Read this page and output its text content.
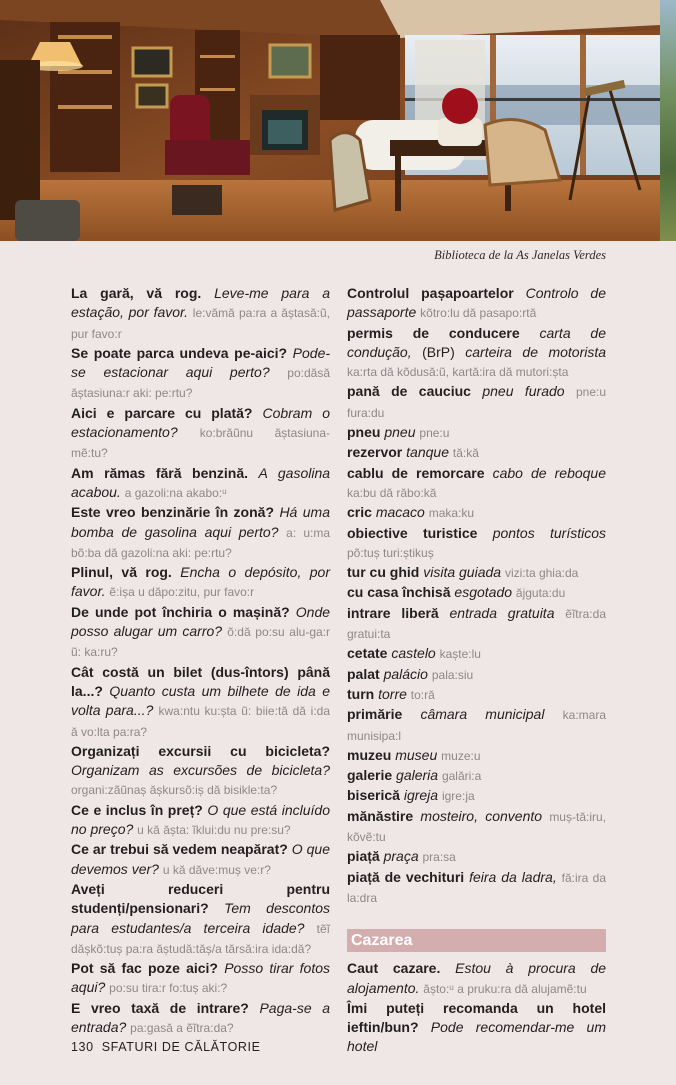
Biblioteca de la As Janelas Verdes

La gară, vă rog. Leve-me para a estação, por favor. le:vămă pa:ra a ăștasă:ũ, pur favo:r

Se poate parca undeva pe-aici? Pode-se estacionar aqui perto? po:dăsă ăștasiuna:r aki: pe:rtu?

Aici e parcare cu plată? Cobram o estacionamento? ko:brăũnu ăștasiuna-mẽ:tu?

Am rămas fără benzină. A gasolina acabou. a gazoli:na akabo:ᵘ

Este vreo benzinărie în zonă? Há uma bomba de gasolina aqui perto? a: u:ma bõ:ba dă gazoli:na aki: pe:rtu?

Plinul, vă rog. Encha o depósito, por favor. ẽ:ișa u dăpo:zitu, pur favo:r

De unde pot închiria o mașină? Onde posso alugar um carro? õ:dă po:su alu-ga:r ũ: ka:ru?

Cât costă un bilet (dus-întors) până la...? Quanto custa um bilhete de ida e volta para...? kwa:ntu ku:șta ũ: biie:tă dă i:da ă vo:lta pa:ra?

Organizați excursii cu bicicleta? Organizam as excursões de bicicleta? organi:zãũnaș ășkursõ:iș dă bisikle:ta?

Ce e inclus în preț? O que está incluído no preço? u kă ășta: ĩklui:du nu pre:su?

Ce ar trebui să vedem neapărat? O que devemos ver? u kă dăve:muș ve:r?

Aveți reduceri pentru studenți/pensionari? Tem descontos para estudantes/a terceira idade? tẽĩ dășkõ:tuș pa:ra ăștudă:tăș/a tărsă:ira ida:dă?

Pot să fac poze aici? Posso tirar fotos aqui? po:su tira:r fo:tuș aki:?

E vreo taxă de intrare? Paga-se a entrada? pa:gasă a ẽĩtra:da?

Controlul pașapoartelor Controlo de passaporte kõtro:lu dă pasapo:rtă

permis de conducere carta de condução, (BrP) carteira de motorista ka:rta dă kõdusă:ũ, kartă:ira dă mutori:șta

pană de cauciuc pneu furado pne:u fura:du

pneu pneu pne:u

rezervor tanque tă:kă

cablu de remorcare cabo de reboque ka:bu dă răbo:kă

cric macaco maka:ku

obiective turistice pontos turísticos põ:tuș turi:știkuș

tur cu ghid visita guiada vizi:ta ghia:da

cu casa închisă esgotado ăjguta:du

intrare liberă entrada gratuita ẽĩtra:da gratui:ta

cetate castelo kaște:lu

palat palácio pala:siu

turn torre to:ră

primărie câmara municipal ka:mara munisipa:l

muzeu museu muze:u

galerie galeria galări:a

biserică igreja igre:ja

mănăstire mosteiro, convento muș-tă:iru, kõvẽ:tu

piață praça pra:sa

piață de vechituri feira da ladra, fă:ira da la:dra

Cazarea

Caut cazare. Estou à procura de alojamento. ășto:ᵘ a pruku:ra dă alujamẽ:tu

Îmi puteți recomanda un hotel ieftin/bun? Pode recomendar-me um hotel

130 SFATURI DE CĂLĂTORIE
